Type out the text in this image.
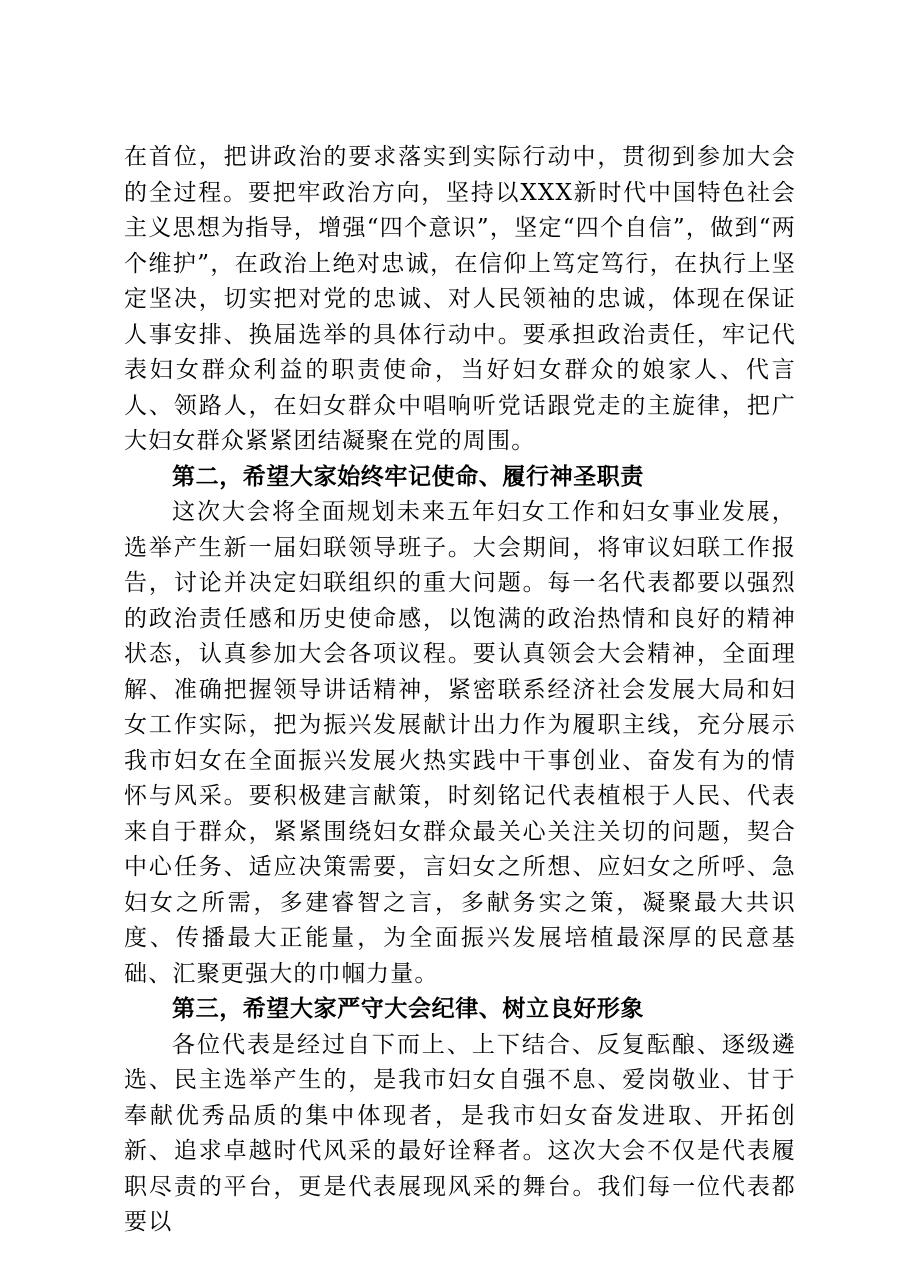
在首位，把讲政治的要求落实到实际行动中，贯彻到参加大会的全过程。要把牢政治方向，坚持以XXX新时代中国特色社会主义思想为指导，增强“四个意识”，坚定“四个自信”，做到“两个维护”，在政治上绝对忠诚，在信仰上笃定笃行，在执行上坚定坚决，切实把对党的忠诚、对人民领袖的忠诚，体现在保证人事安排、换届选举的具体行动中。要承担政治责任，牢记代表妇女群众利益的职责使命，当好妇女群众的娘家人、代言人、领路人，在妇女群众中唱响听党话跟党走的主旋律，把广大妇女群众紧紧团结凝聚在党的周围。

第二，希望大家始终牢记使命、履行神圣职责

这次大会将全面规划未来五年妇女工作和妇女事业发展，选举产生新一届妇联领导班子。大会期间，将审议妇联工作报告，讨论并决定妇联组织的重大问题。每一名代表都要以强烈的政治责任感和历史使命感，以饱满的政治热情和良好的精神状态，认真参加大会各项议程。要认真领会大会精神，全面理解、准确把握领导讲话精神，紧密联系经济社会发展大局和妇女工作实际，把为振兴发展献计出力作为履职主线，充分展示我市妇女在全面振兴发展火热实践中干事创业、奋发有为的情怀与风采。要积极建言献策，时刻铭记代表植根于人民、代表来自于群众，紧紧围绕妇女群众最关心关注关切的问题，契合中心任务、适应决策需要，言妇女之所想、应妇女之所呼、急妇女之所需，多建睿智之言，多献务实之策，凝聚最大共识度、传播最大正能量，为全面振兴发展培植最深厚的民意基础、汇聚更强大的巾帼力量。

第三，希望大家严守大会纪律、树立良好形象

各位代表是经过自下而上、上下结合、反复酝酿、逐级遴选、民主选举产生的，是我市妇女自强不息、爱岗敬业、甘于奉献优秀品质的集中体现者，是我市妇女奋发进取、开拓创新、追求卓越时代风采的最好诠释者。这次大会不仅是代表履职尽责的平台，更是代表展现风采的舞台。我们每一位代表都要以
